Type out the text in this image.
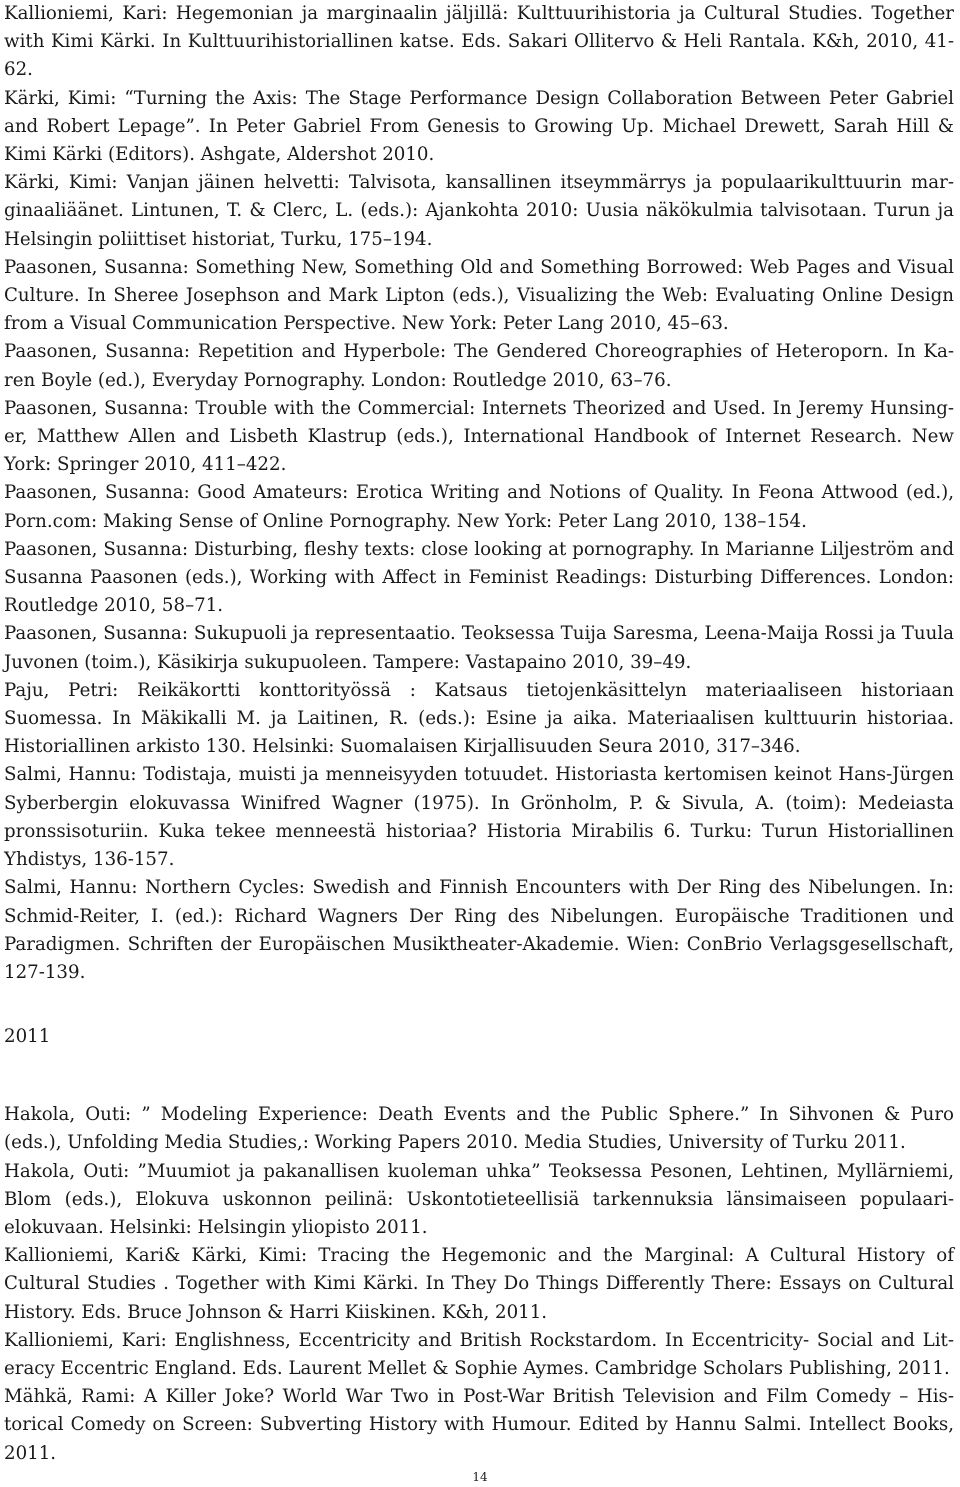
Kallioniemi, Kari: Hegemonian ja marginaalin jäljillä: Kulttuurihistoria ja Cultural Studies. Together with Kimi Kärki. In Kulttuurihistoriallinen katse. Eds. Sakari Ollitervo & Heli Rantala. K&h, 2010, 41-62.

Kärki, Kimi: “Turning the Axis: The Stage Performance Design Collaboration Between Peter Gabriel and Robert Lepage”. In Peter Gabriel From Genesis to Growing Up. Michael Drewett, Sarah Hill & Kimi Kärki (Editors). Ashgate, Aldershot 2010.

Kärki, Kimi: Vanjan jäinen helvetti: Talvisota, kansallinen itseymmärrys ja populaarikulttuurin marginaaliäänet. Lintunen, T. & Clerc, L. (eds.): Ajankohta 2010: Uusia näkökulmia talvisotaan. Turun ja Helsingin poliittiset historiat, Turku, 175–194.

Paasonen, Susanna: Something New, Something Old and Something Borrowed: Web Pages and Visual Culture. In Sheree Josephson and Mark Lipton (eds.), Visualizing the Web: Evaluating Online Design from a Visual Communication Perspective. New York: Peter Lang 2010, 45–63.

Paasonen, Susanna: Repetition and Hyperbole: The Gendered Choreographies of Heteroporn. In Karen Boyle (ed.), Everyday Pornography. London: Routledge 2010, 63–76.

Paasonen, Susanna: Trouble with the Commercial: Internets Theorized and Used. In Jeremy Hunsinger, Matthew Allen and Lisbeth Klastrup (eds.), International Handbook of Internet Research. New York: Springer 2010, 411–422.

Paasonen, Susanna: Good Amateurs: Erotica Writing and Notions of Quality. In Feona Attwood (ed.), Porn.com: Making Sense of Online Pornography. New York: Peter Lang 2010, 138–154.

Paasonen, Susanna: Disturbing, fleshy texts: close looking at pornography. In Marianne Liljeström and Susanna Paasonen (eds.), Working with Affect in Feminist Readings: Disturbing Differences. London: Routledge 2010, 58–71.

Paasonen, Susanna: Sukupuoli ja representaatio. Teoksessa Tuija Saresma, Leena-Maija Rossi ja Tuula Juvonen (toim.), Käsikirja sukupuoleen. Tampere: Vastapaino 2010, 39–49.

Paju, Petri: Reikäkortti konttorityössä : Katsaus tietojenkäsittelyn materiaaliseen historiaan Suomessa. In Mäkikalli M. ja Laitinen, R. (eds.): Esine ja aika. Materiaalisen kulttuurin historiaa. Historiallinen arkisto 130. Helsinki: Suomalaisen Kirjallisuuden Seura 2010, 317–346.

Salmi, Hannu: Todistaja, muisti ja menneisyyden totuudet. Historiasta kertomisen keinot Hans-Jürgen Syberbergin elokuvassa Winifred Wagner (1975). In Grönholm, P. & Sivula, A. (toim): Medeiasta pronssisoturiin. Kuka tekee menneestä historiaa? Historia Mirabilis 6. Turku: Turun Historiallinen Yhdistys, 136-157.

Salmi, Hannu: Northern Cycles: Swedish and Finnish Encounters with Der Ring des Nibelungen. In: Schmid-Reiter, I. (ed.): Richard Wagners Der Ring des Nibelungen. Europäische Traditionen und Paradigmen. Schriften der Europäischen Musiktheater-Akademie. Wien: ConBrio Verlagsgesellschaft, 127-139.

2011

Hakola, Outi: ” Modeling Experience: Death Events and the Public Sphere.” In Sihvonen & Puro (eds.), Unfolding Media Studies,: Working Papers 2010. Media Studies, University of Turku 2011.

Hakola, Outi: ”Muumiot ja pakanallisen kuoleman uhka” Teoksessa Pesonen, Lehtinen, Myllärniemi, Blom (eds.), Elokuva uskonnon peilinä: Uskontotieteellisiä tarkennuksia länsimaiseen populaarielokuvaan. Helsinki: Helsingin yliopisto 2011.

Kallioniemi, Kari& Kärki, Kimi: Tracing the Hegemonic and the Marginal: A Cultural History of Cultural Studies . Together with Kimi Kärki. In They Do Things Differently There: Essays on Cultural History. Eds. Bruce Johnson & Harri Kiiskinen. K&h, 2011.

Kallioniemi, Kari: Englishness, Eccentricity and British Rockstardom. In Eccentricity- Social and Literacy Eccentric England. Eds. Laurent Mellet & Sophie Aymes. Cambridge Scholars Publishing, 2011.

Mähkä, Rami: A Killer Joke? World War Two in Post-War British Television and Film Comedy – Historical Comedy on Screen: Subverting History with Humour. Edited by Hannu Salmi. Intellect Books, 2011.

14
